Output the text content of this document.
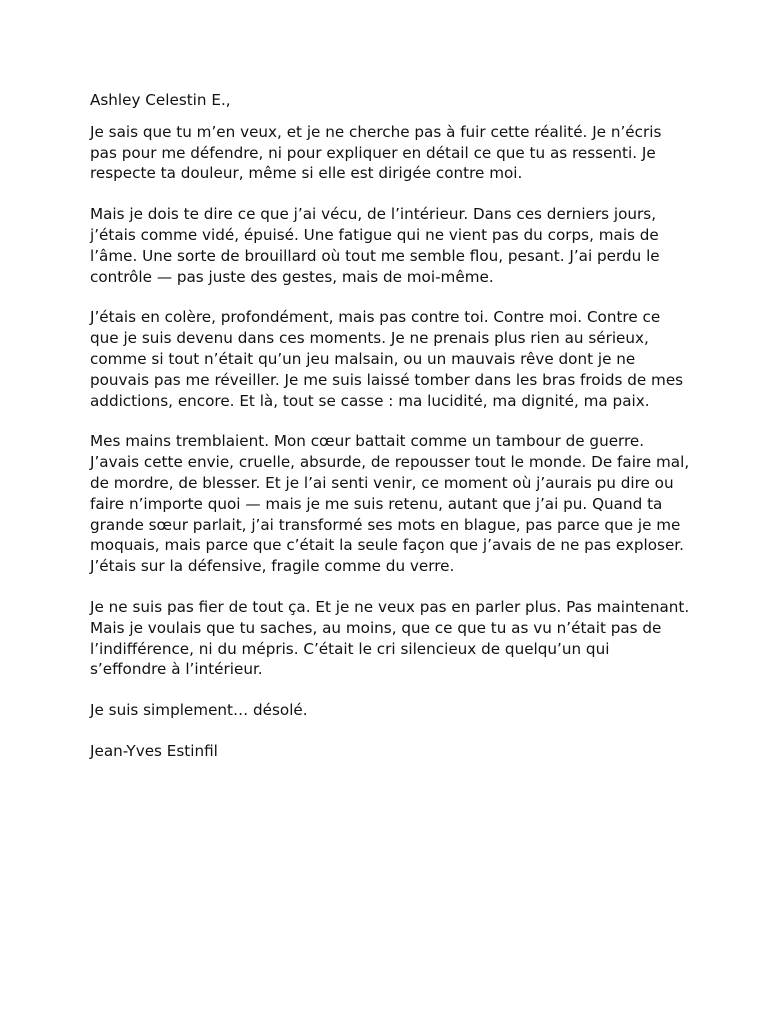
Ashley Celestin E.,

Je sais que tu m’en veux, et je ne cherche pas à fuir cette réalité. Je n’écris pas pour me défendre, ni pour expliquer en détail ce que tu as ressenti. Je respecte ta douleur, même si elle est dirigée contre moi.

Mais je dois te dire ce que j’ai vécu, de l’intérieur. Dans ces derniers jours, j’étais comme vidé, épuisé. Une fatigue qui ne vient pas du corps, mais de l’âme. Une sorte de brouillard où tout me semble flou, pesant. J’ai perdu le contrôle — pas juste des gestes, mais de moi-même.

J’étais en colère, profondément, mais pas contre toi. Contre moi. Contre ce que je suis devenu dans ces moments. Je ne prenais plus rien au sérieux, comme si tout n’était qu’un jeu malsain, ou un mauvais rêve dont je ne pouvais pas me réveiller. Je me suis laissé tomber dans les bras froids de mes addictions, encore. Et là, tout se casse : ma lucidité, ma dignité, ma paix.

Mes mains tremblaient. Mon cœur battait comme un tambour de guerre. J’avais cette envie, cruelle, absurde, de repousser tout le monde. De faire mal, de mordre, de blesser. Et je l’ai senti venir, ce moment où j’aurais pu dire ou faire n’importe quoi — mais je me suis retenu, autant que j’ai pu. Quand ta grande sœur parlait, j’ai transformé ses mots en blague, pas parce que je me moquais, mais parce que c’était la seule façon que j’avais de ne pas exploser. J’étais sur la défensive, fragile comme du verre.

Je ne suis pas fier de tout ça. Et je ne veux pas en parler plus. Pas maintenant. Mais je voulais que tu saches, au moins, que ce que tu as vu n’était pas de l’indifférence, ni du mépris. C’était le cri silencieux de quelqu’un qui s’effondre à l’intérieur.

Je suis simplement… désolé.

Jean-Yves Estinfil
